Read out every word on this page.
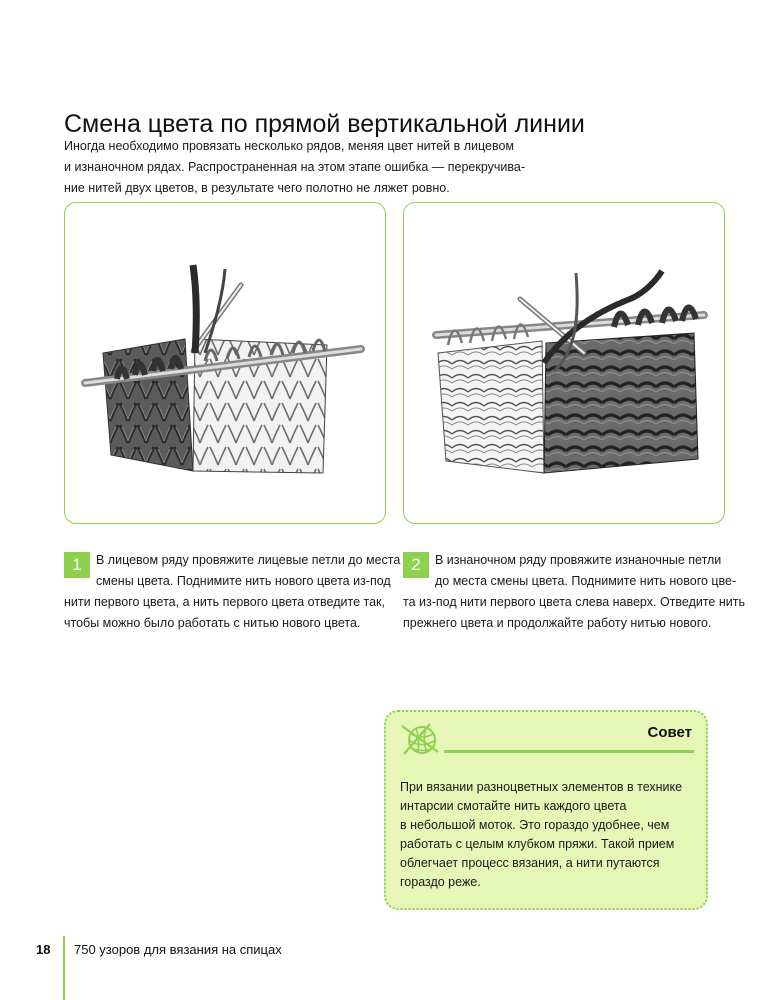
Смена цвета по прямой вертикальной линии
Иногда необходимо провязать несколько рядов, меняя цвет нитей в лицевом
и изнаночном рядах. Распространенная на этом этапе ошибка — перекручива-
ние нитей двух цветов, в результате чего полотно не ляжет ровно.
1	В лицевом ряду провяжите лицевые петли до места
смены цвета. Поднимите нить нового цвета из-под
нити первого цвета, а нить первого цвета отведите так,
чтобы можно было работать с нитью нового цвета.
2	В изнаночном ряду провяжите изнаночные петли
до места смены цвета. Поднимите нить нового цве-
та из-под нити первого цвета слева наверх. Отведите нить
прежнего цвета и продолжайте работу нитью нового.
Совет
При вязании разноцветных элементов в технике
интарсии смотайте нить каждого цвета
в небольшой моток. Это гораздо удобнее, чем
работать с целым клубком пряжи. Такой прием
облегчает процесс вязания, а нити путаются
гораздо реже.
18 750 узоров для вязания на спицах
